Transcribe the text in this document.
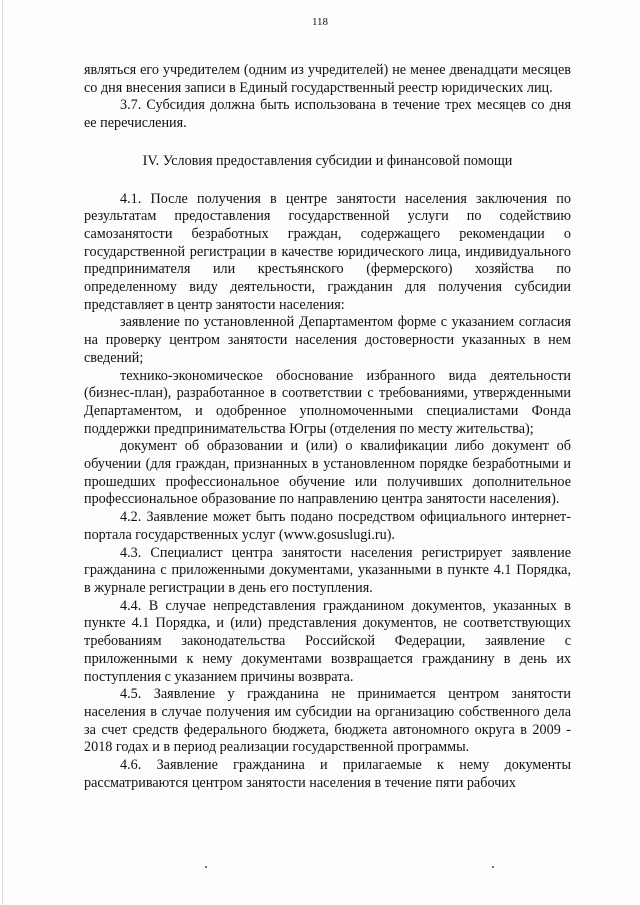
118

являться его учредителем (одним из учредителей) не менее двенадцати месяцев со дня внесения записи в Единый государственный реестр юридических лиц.

3.7. Субсидия должна быть использована в течение трех месяцев со дня ее перечисления.

IV. Условия предоставления субсидии и финансовой помощи

4.1. После получения в центре занятости населения заключения по результатам предоставления государственной услуги по содействию самозанятости безработных граждан, содержащего рекомендации о государственной регистрации в качестве юридического лица, индивидуального предпринимателя или крестьянского (фермерского) хозяйства по определенному виду деятельности, гражданин для получения субсидии представляет в центр занятости населения:

заявление по установленной Департаментом форме с указанием согласия на проверку центром занятости населения достоверности указанных в нем сведений;

технико-экономическое обоснование избранного вида деятельности (бизнес-план), разработанное в соответствии с требованиями, утвержденными Департаментом, и одобренное уполномоченными специалистами Фонда поддержки предпринимательства Югры (отделения по месту жительства);

документ об образовании и (или) о квалификации либо документ об обучении (для граждан, признанных в установленном порядке безработными и прошедших профессиональное обучение или получивших дополнительное профессиональное образование по направлению центра занятости населения).

4.2. Заявление может быть подано посредством официального интернет-портала государственных услуг (www.gosuslugi.ru).

4.3. Специалист центра занятости населения регистрирует заявление гражданина с приложенными документами, указанными в пункте 4.1 Порядка, в журнале регистрации в день его поступления.

4.4. В случае непредставления гражданином документов, указанных в пункте 4.1 Порядка, и (или) представления документов, не соответствующих требованиям законодательства Российской Федерации, заявление с приложенными к нему документами возвращается гражданину в день их поступления с указанием причины возврата.

4.5. Заявление у гражданина не принимается центром занятости населения в случае получения им субсидии на организацию собственного дела за счет средств федерального бюджета, бюджета автономного округа в 2009 - 2018 годах и в период реализации государственной программы.

4.6. Заявление гражданина и прилагаемые к нему документы рассматриваются центром занятости населения в течение пяти рабочих
